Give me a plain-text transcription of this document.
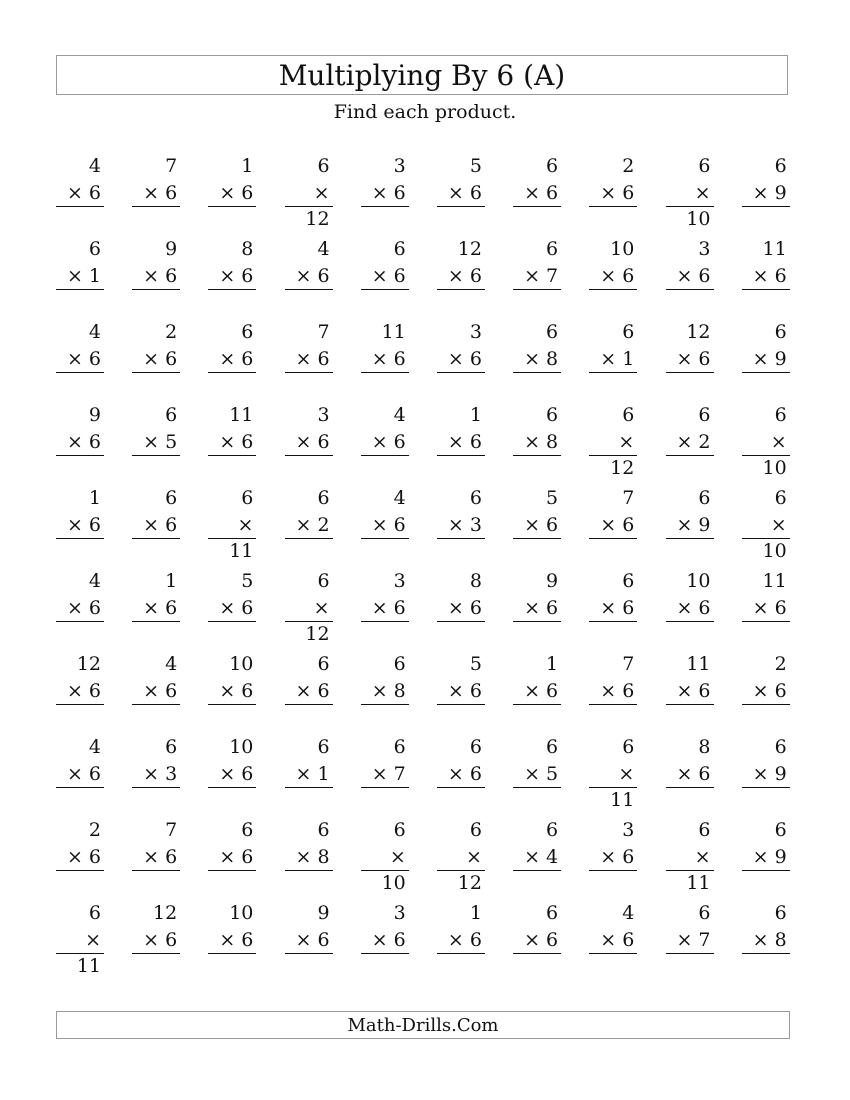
Multiplying By 6 (A)
Find each product.
4
× 6
7
× 6
1
× 6
6
× 12
3
× 6
5
× 6
6
× 6
2
× 6
6
× 10
6
× 9
6
× 1
9
× 6
8
× 6
4
× 6
6
× 6
12
× 6
6
× 7
10
× 6
3
× 6
11
× 6
4
× 6
2
× 6
6
× 6
7
× 6
11
× 6
3
× 6
6
× 8
6
× 1
12
× 6
6
× 9
9
× 6
6
× 5
11
× 6
3
× 6
4
× 6
1
× 6
6
× 8
6
× 12
6
× 2
6
× 10
1
× 6
6
× 6
6
× 11
6
× 2
4
× 6
6
× 3
5
× 6
7
× 6
6
× 9
6
× 10
4
× 6
1
× 6
5
× 6
6
× 12
3
× 6
8
× 6
9
× 6
6
× 6
10
× 6
11
× 6
12
× 6
4
× 6
10
× 6
6
× 6
6
× 8
5
× 6
1
× 6
7
× 6
11
× 6
2
× 6
4
× 6
6
× 3
10
× 6
6
× 1
6
× 7
6
× 6
6
× 5
6
× 11
8
× 6
6
× 9
2
× 6
7
× 6
6
× 6
6
× 8
6
× 10
6
× 12
6
× 4
3
× 6
6
× 11
6
× 9
6
× 11
12
× 6
10
× 6
9
× 6
3
× 6
1
× 6
6
× 6
4
× 6
6
× 7
6
× 8
Math-Drills.Com
